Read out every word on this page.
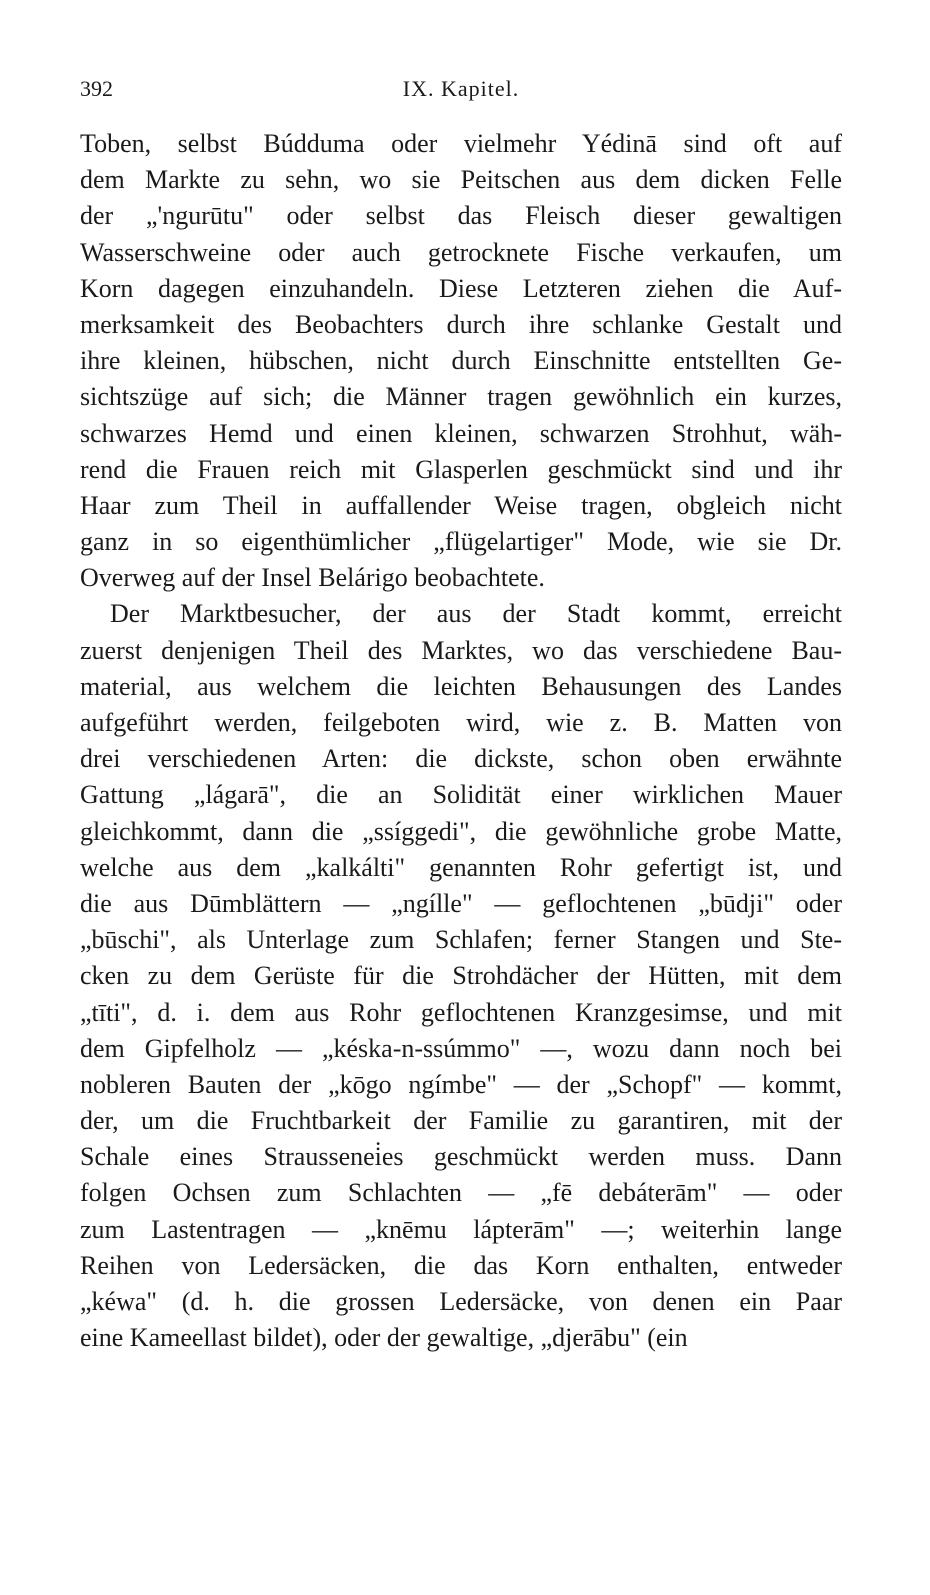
392	IX. Kapitel.
Toben, selbst Búdduma oder vielmehr Yédinā sind oft auf
dem Markte zu sehn, wo sie Peitschen aus dem dicken Felle
der „'ngurūtu" oder selbst das Fleisch dieser gewaltigen
Wasserschweine oder auch getrocknete Fische verkaufen, um
Korn dagegen einzuhandeln. Diese Letzteren ziehen die Auf-
merksamkeit des Beobachters durch ihre schlanke Gestalt und
ihre kleinen, hübschen, nicht durch Einschnitte entstellten Ge-
sichtszüge auf sich; die Männer tragen gewöhnlich ein kurzes,
schwarzes Hemd und einen kleinen, schwarzen Strohhut, wäh-
rend die Frauen reich mit Glasperlen geschmückt sind und ihr
Haar zum Theil in auffallender Weise tragen, obgleich nicht
ganz in so eigenthümlicher „flügelartiger" Mode, wie sie Dr.
Overweg auf der Insel Belárigo beobachtete.
Der Marktbesucher, der aus der Stadt kommt, erreicht
zuerst denjenigen Theil des Marktes, wo das verschiedene Bau-
material, aus welchem die leichten Behausungen des Landes
aufgeführt werden, feilgeboten wird, wie z. B. Matten von
drei verschiedenen Arten: die dickste, schon oben erwähnte
Gattung „lágarā", die an Solidität einer wirklichen Mauer
gleichkommt, dann die „ssíggedi", die gewöhnliche grobe Matte,
welche aus dem „kalkálti" genannten Rohr gefertigt ist, und
die aus Dūmblättern — „ngílle" — geflochtenen „būdji" oder
„būschi", als Unterlage zum Schlafen; ferner Stangen und Ste-
cken zu dem Gerüste für die Strohdächer der Hütten, mit dem
„tīti", d. i. dem aus Rohr geflochtenen Kranzgesimse, und mit
dem Gipfelholz — „késka-n-ssúmmo" —, wozu dann noch bei
nobleren Bauten der „kōgo ngímbe" — der „Schopf" — kommt,
der, um die Fruchtbarkeit der Familie zu garantiren, mit der
Schale eines Straussenei̇es geschmückt werden muss. Dann
folgen Ochsen zum Schlachten — „fē debáterām" — oder
zum Lastentragen — „knēmu lápterām" —; weiterhin lange
Reihen von Ledersäcken, die das Korn enthalten, entweder
„kéwa" (d. h. die grossen Ledersäcke, von denen ein Paar
eine Kameellast bildet), oder der gewaltige, „djerābu" (ein
